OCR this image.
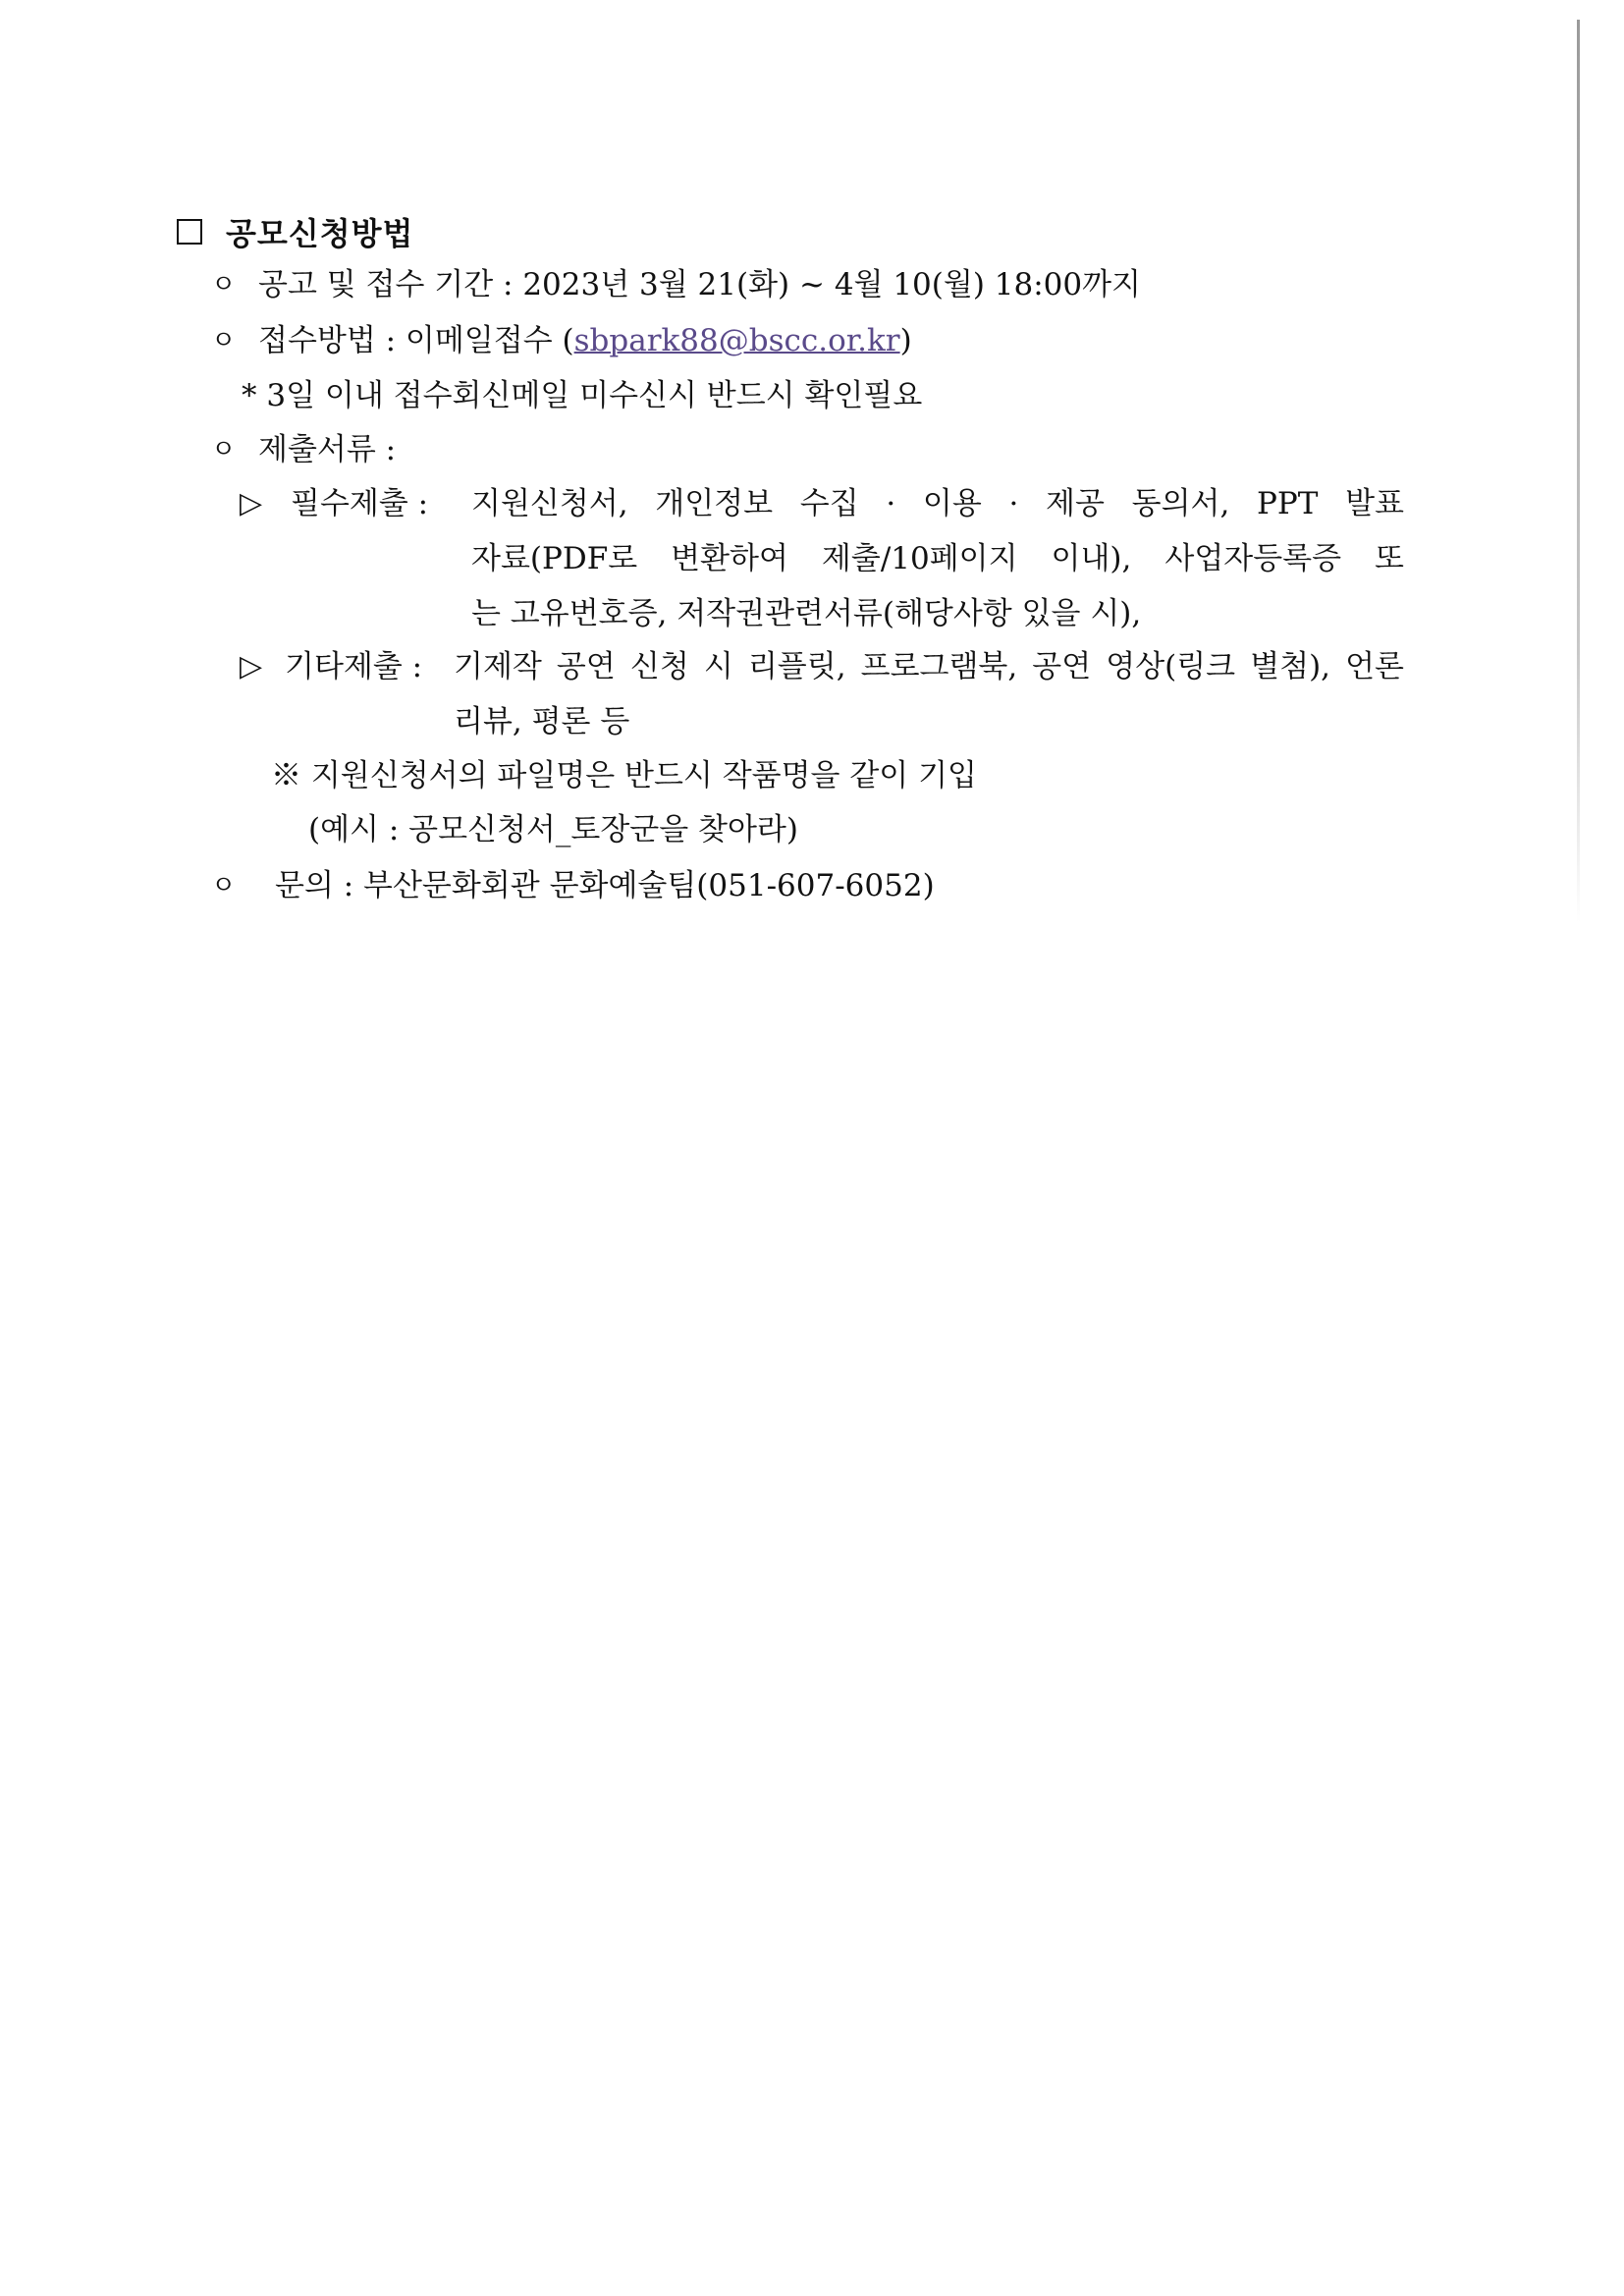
공모신청방법
ㅇ 공고 및 접수 기간 : 2023년 3월 21(화) ~ 4월 10(월) 18:00까지
ㅇ 접수방법 : 이메일접수 (sbpark88@bscc.or.kr)
* 3일 이내 접수회신메일 미수신시 반드시 확인필요
ㅇ 제출서류 :
▷ 필수제출 : 지원신청서, 개인정보 수집 · 이용 · 제공 동의서, PPT 발표
자료(PDF로 변환하여 제출/10페이지 이내), 사업자등록증 또
는 고유번호증, 저작권관련서류(해당사항 있을 시),
▷ 기타제출 : 기제작 공연 신청 시 리플릿, 프로그램북, 공연 영상(링크 별첨), 언론
리뷰, 평론 등
※ 지원신청서의 파일명은 반드시 작품명을 같이 기입
(예시 : 공모신청서_토장군을 찾아라)
ㅇ 문의 : 부산문화회관 문화예술팀(051-607-6052)
